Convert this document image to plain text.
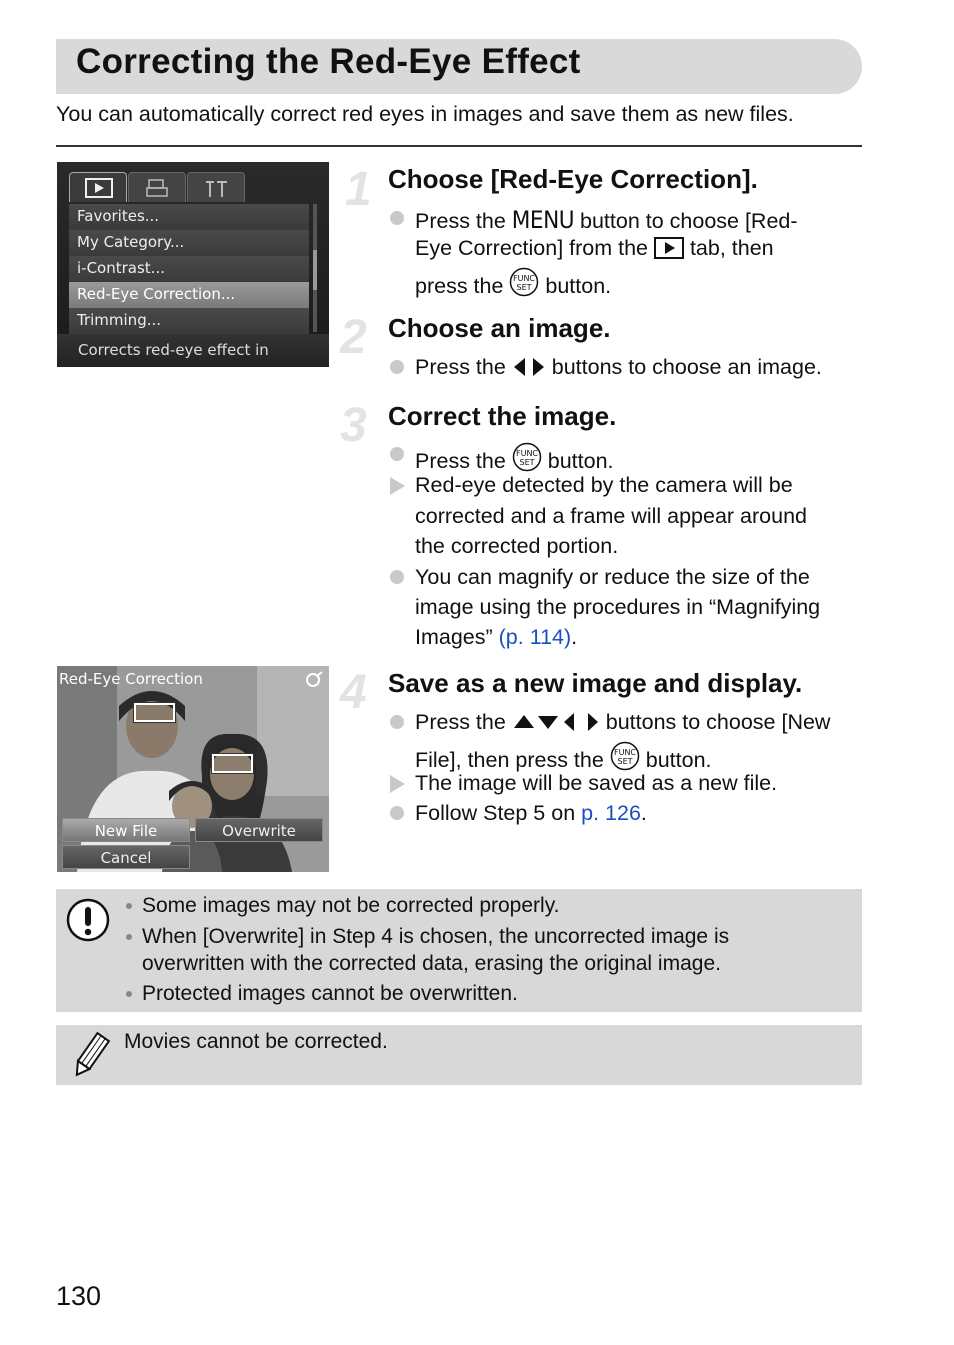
Correcting the Red-Eye Effect
You can automatically correct red eyes in images and save them as new files.
Favorites...
My Category...
i-Contrast...
Red-Eye Correction...
Trimming...
Corrects red-eye effect in
Red-Eye Correction
New File	Overwrite
Cancel
1 Choose [Red-Eye Correction].
Press the MENU button to choose [Red-
Eye Correction] from the  tab, then
press the FUNC
SET button.
2 Choose an image.
Press the  buttons to choose an image.
3 Correct the image.
Press the FUNC
SET button.
Red-eye detected by the camera will be
corrected and a frame will appear around
the corrected portion.
You can magnify or reduce the size of the
image using the procedures in “Magnifying
Images” (p. 114).
4 Save as a new image and display.
Press the	buttons to choose [New
File], then press the FUNC
SET button.
The image will be saved as a new file.
Follow Step 5 on p. 126.
Some images may not be corrected properly.
When [Overwrite] in Step 4 is chosen, the uncorrected image is
overwritten with the corrected data, erasing the original image.
Protected images cannot be overwritten.
Movies cannot be corrected.
130
